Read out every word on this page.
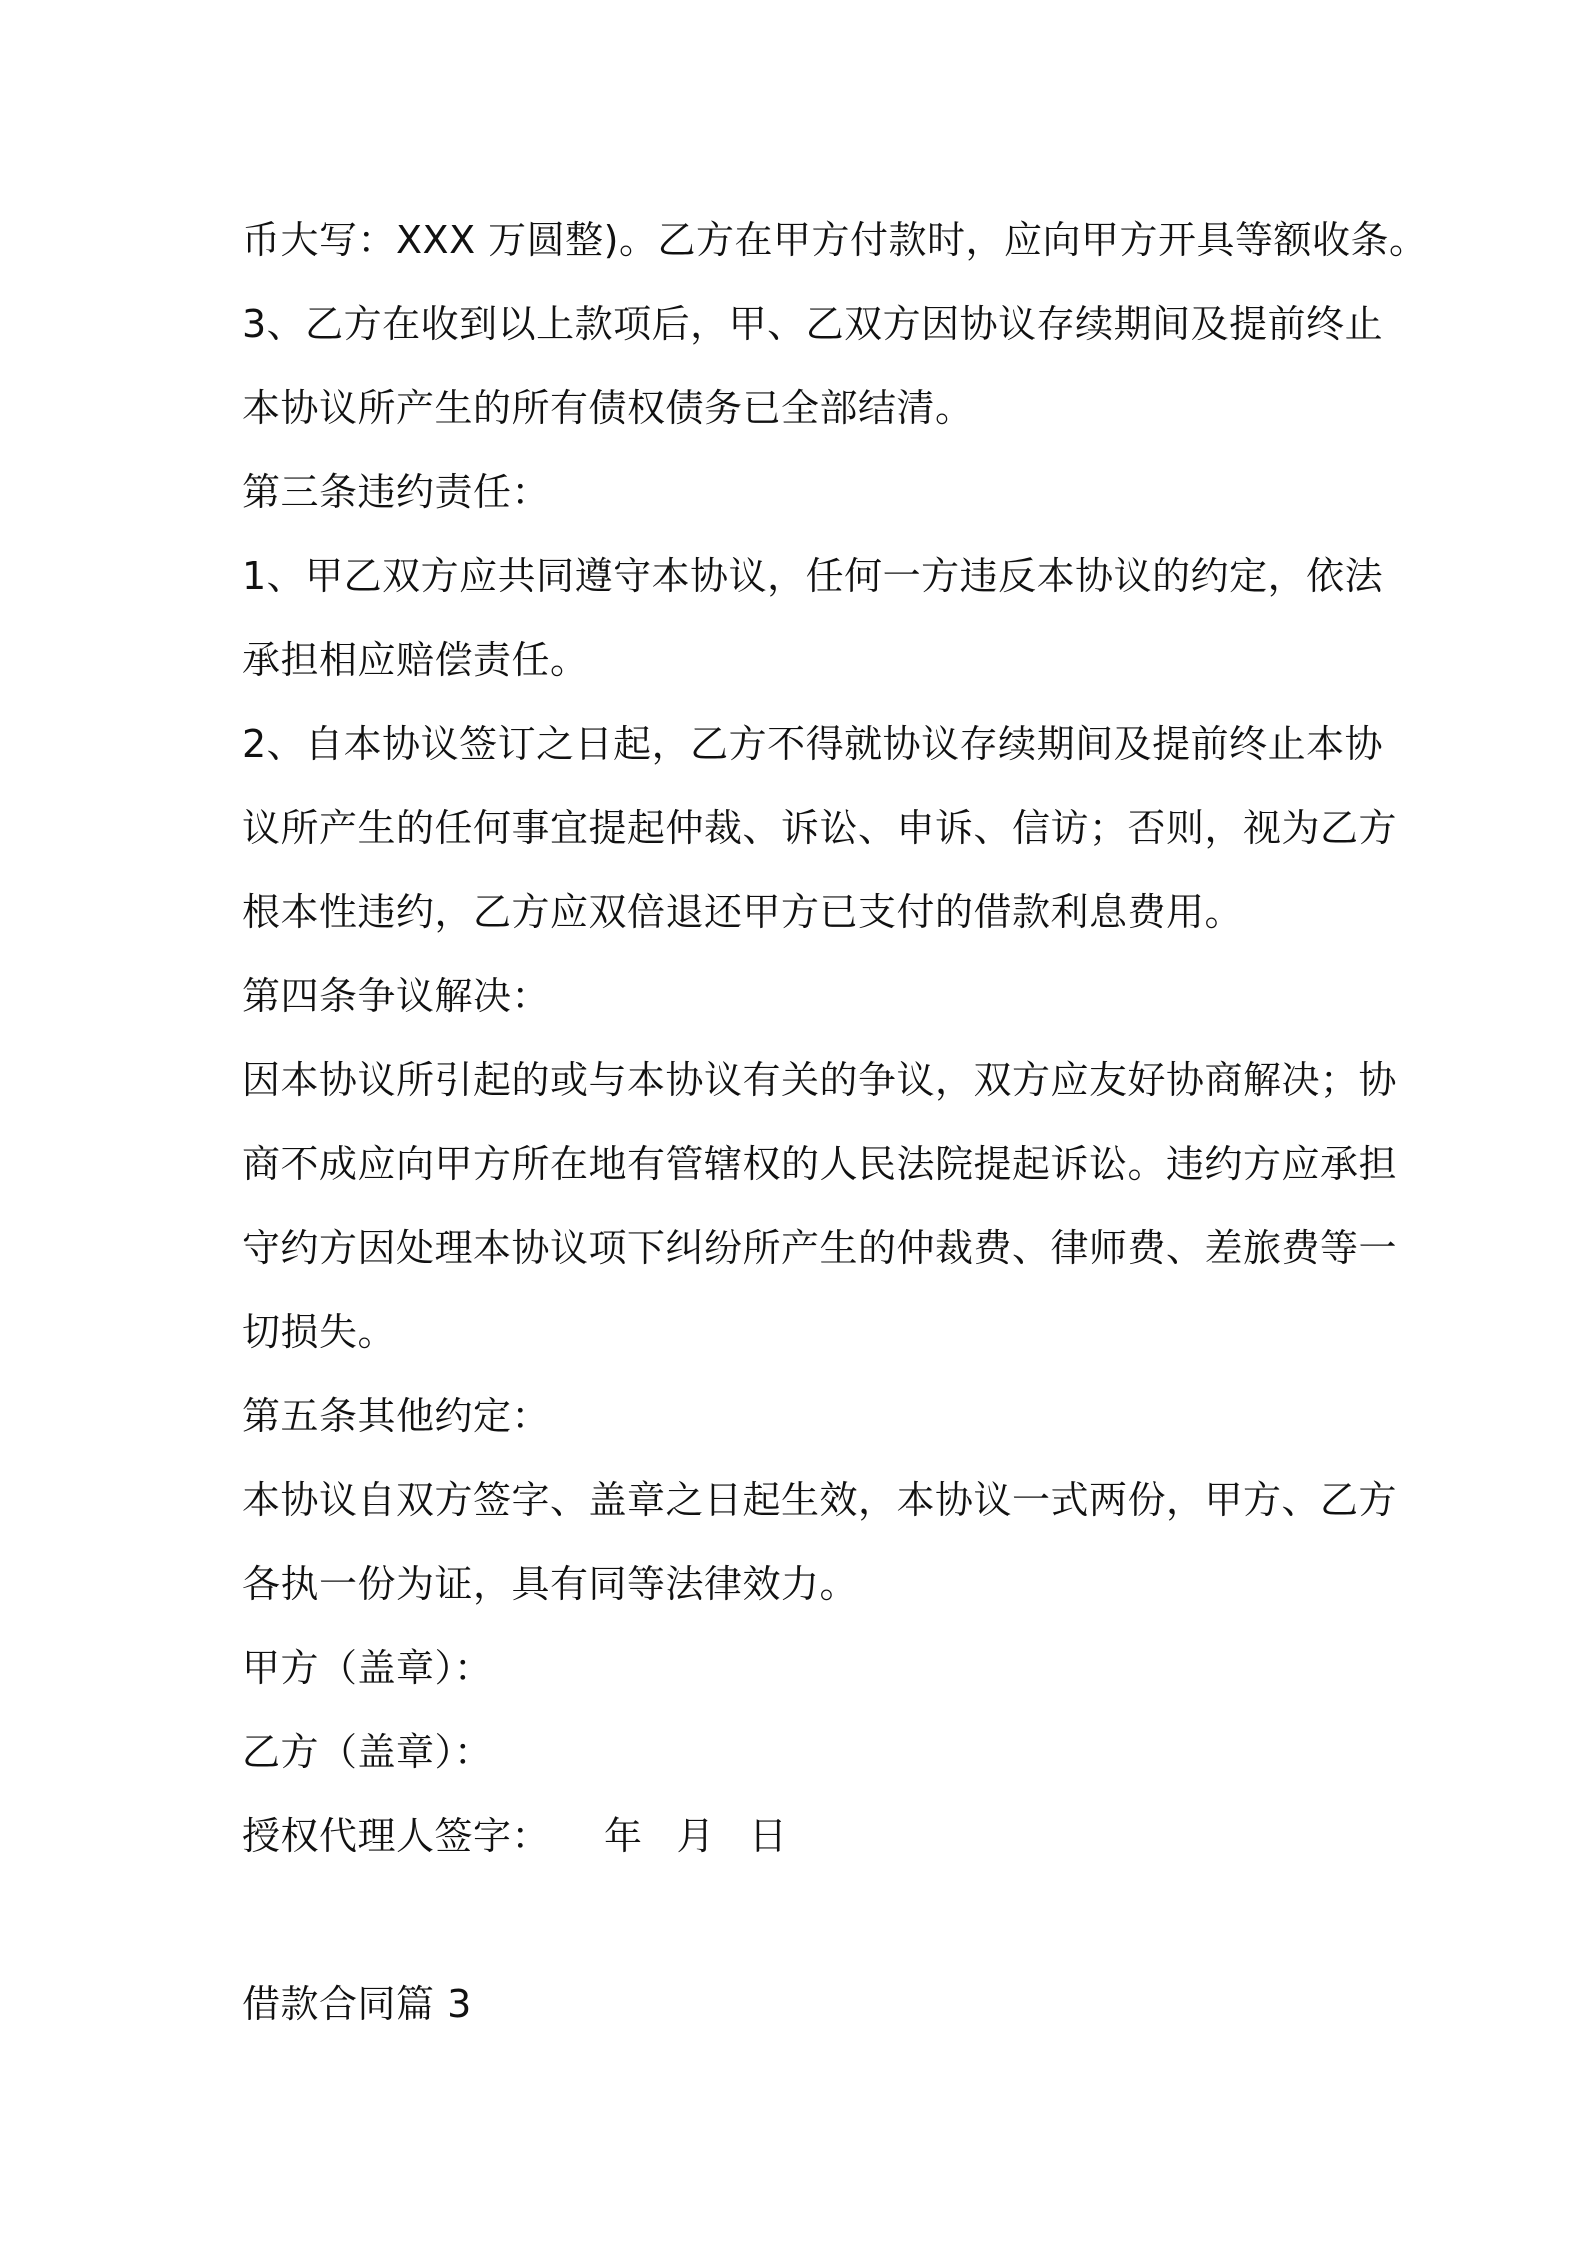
币大写：XXX 万圆整)。乙方在甲方付款时，应向甲方开具等额收条。
3、乙方在收到以上款项后，甲、乙双方因协议存续期间及提前终止
本协议所产生的所有债权债务已全部结清。
第三条违约责任：
1、甲乙双方应共同遵守本协议，任何一方违反本协议的约定，依法
承担相应赔偿责任。
2、自本协议签订之日起，乙方不得就协议存续期间及提前终止本协
议所产生的任何事宜提起仲裁、诉讼、申诉、信访；否则，视为乙方
根本性违约，乙方应双倍退还甲方已支付的借款利息费用。
第四条争议解决：
因本协议所引起的或与本协议有关的争议，双方应友好协商解决；协
商不成应向甲方所在地有管辖权的人民法院提起诉讼。违约方应承担
守约方因处理本协议项下纠纷所产生的仲裁费、律师费、差旅费等一
切损失。
第五条其他约定：
本协议自双方签字、盖章之日起生效，本协议一式两份，甲方、乙方
各执一份为证，具有同等法律效力。
甲方（盖章）：
乙方（盖章）：
授权代理人签字： 年 月 日
借款合同篇 3
